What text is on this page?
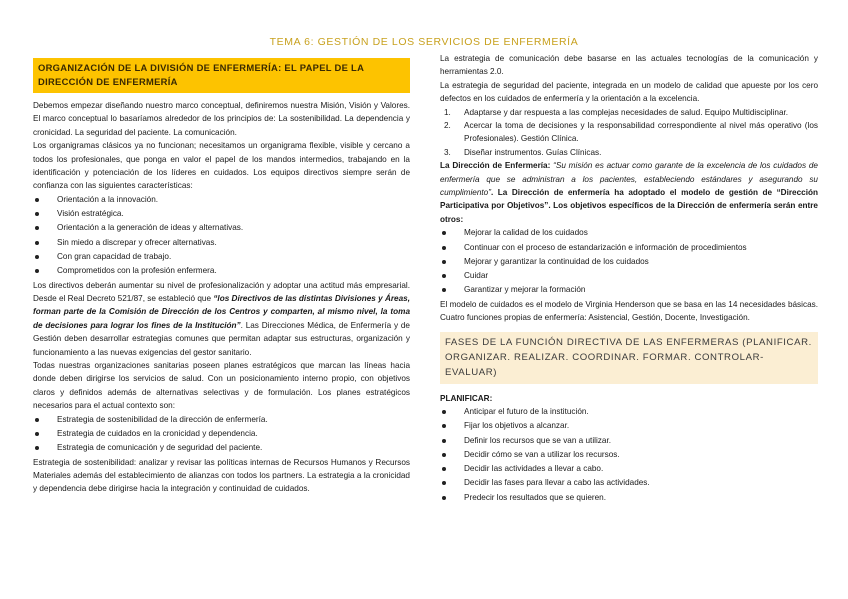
TEMA 6: GESTIÓN DE LOS SERVICIOS DE ENFERMERÍA
ORGANIZACIÓN DE LA DIVISIÓN DE ENFERMERÍA: EL PAPEL DE LA DIRECCIÓN DE ENFERMERÍA

Debemos empezar diseñando nuestro marco conceptual, definiremos nuestra Misión, Visión y Valores. El marco conceptual lo basaríamos alrededor de los principios de: La sostenibilidad. La dependencia y cronicidad. La seguridad del paciente. La comunicación.

Los organigramas clásicos ya no funcionan; necesitamos un organigrama flexible, visible y cercano a todos los profesionales, que ponga en valor el papel de los mandos intermedios, trabajando en la identificación y potenciación de los líderes en cuidados. Los equipos directivos siempre serán de confianza con las siguientes características:

Orientación a la innovación.
Visión estratégica.
Orientación a la generación de ideas y alternativas.
Sin miedo a discrepar y ofrecer alternativas.
Con gran capacidad de trabajo.
Comprometidos con la profesión enfermera.

Los directivos deberán aumentar su nivel de profesionalización y adoptar una actitud más empresarial. Desde el Real Decreto 521/87, se estableció que “los Directivos de las distintas Divisiones y Áreas, forman parte de la Comisión de Dirección de los Centros y comparten, al mismo nivel, la toma de decisiones para lograr los fines de la Institución”. Las Direcciones Médica, de Enfermería y de Gestión deben desarrollar estrategias comunes que permitan adaptar sus estructuras, organización y funcionamiento a las nuevas exigencias del gestor sanitario.

Todas nuestras organizaciones sanitarias poseen planes estratégicos que marcan las líneas hacia donde deben dirigirse los servicios de salud. Con un posicionamiento interno propio, con objetivos claros y definidos además de alternativas selectivas y de formulación. Los planes estratégicos necesarios para el actual contexto son:

Estrategia de sostenibilidad de la dirección de enfermería.
Estrategia de cuidados en la cronicidad y dependencia.
Estrategia de comunicación y de seguridad del paciente.

Estrategia de sostenibilidad: analizar y revisar las políticas internas de Recursos Humanos y Recursos Materiales además del establecimiento de alianzas con todos los partners. La estrategia a la cronicidad y dependencia debe dirigirse hacia la integración y continuidad de cuidados.

La estrategia de comunicación debe basarse en las actuales tecnologías de la comunicación y herramientas 2.0.

La estrategia de seguridad del paciente, integrada en un modelo de calidad que apueste por los cero defectos en los cuidados de enfermería y la orientación a la excelencia.

1. Adaptarse y dar respuesta a las complejas necesidades de salud. Equipo Multidisciplinar.
2. Acercar la toma de decisiones y la responsabilidad correspondiente al nivel más operativo (los Profesionales). Gestión Clínica.
3. Diseñar instrumentos. Guías Clínicas.

La Dirección de Enfermería: “Su misión es actuar como garante de la excelencia de los cuidados de enfermería que se administran a los pacientes, estableciendo estándares y asegurando su cumplimiento”. La Dirección de enfermería ha adoptado el modelo de gestión de “Dirección Participativa por Objetivos”. Los objetivos específicos de la Dirección de enfermería serán entre otros:

Mejorar la calidad de los cuidados
Continuar con el proceso de estandarización e información de procedimientos
Mejorar y garantizar la continuidad de los cuidados
Cuidar
Garantizar y mejorar la formación

El modelo de cuidados es el modelo de Virginia Henderson que se basa en las 14 necesidades básicas. Cuatro funciones propias de enfermería: Asistencial, Gestión, Docente, Investigación.

FASES DE LA FUNCIÓN DIRECTIVA DE LAS ENFERMERAS (PLANIFICAR. ORGANIZAR. REALIZAR. COORDINAR. FORMAR. CONTROLAR-EVALUAR)
PLANIFICAR:
Anticipar el futuro de la institución.
Fijar los objetivos a alcanzar.
Definir los recursos que se van a utilizar.
Decidir cómo se van a utilizar los recursos.
Decidir las actividades a llevar a cabo.
Decidir las fases para llevar a cabo las actividades.
Predecir los resultados que se quieren.
